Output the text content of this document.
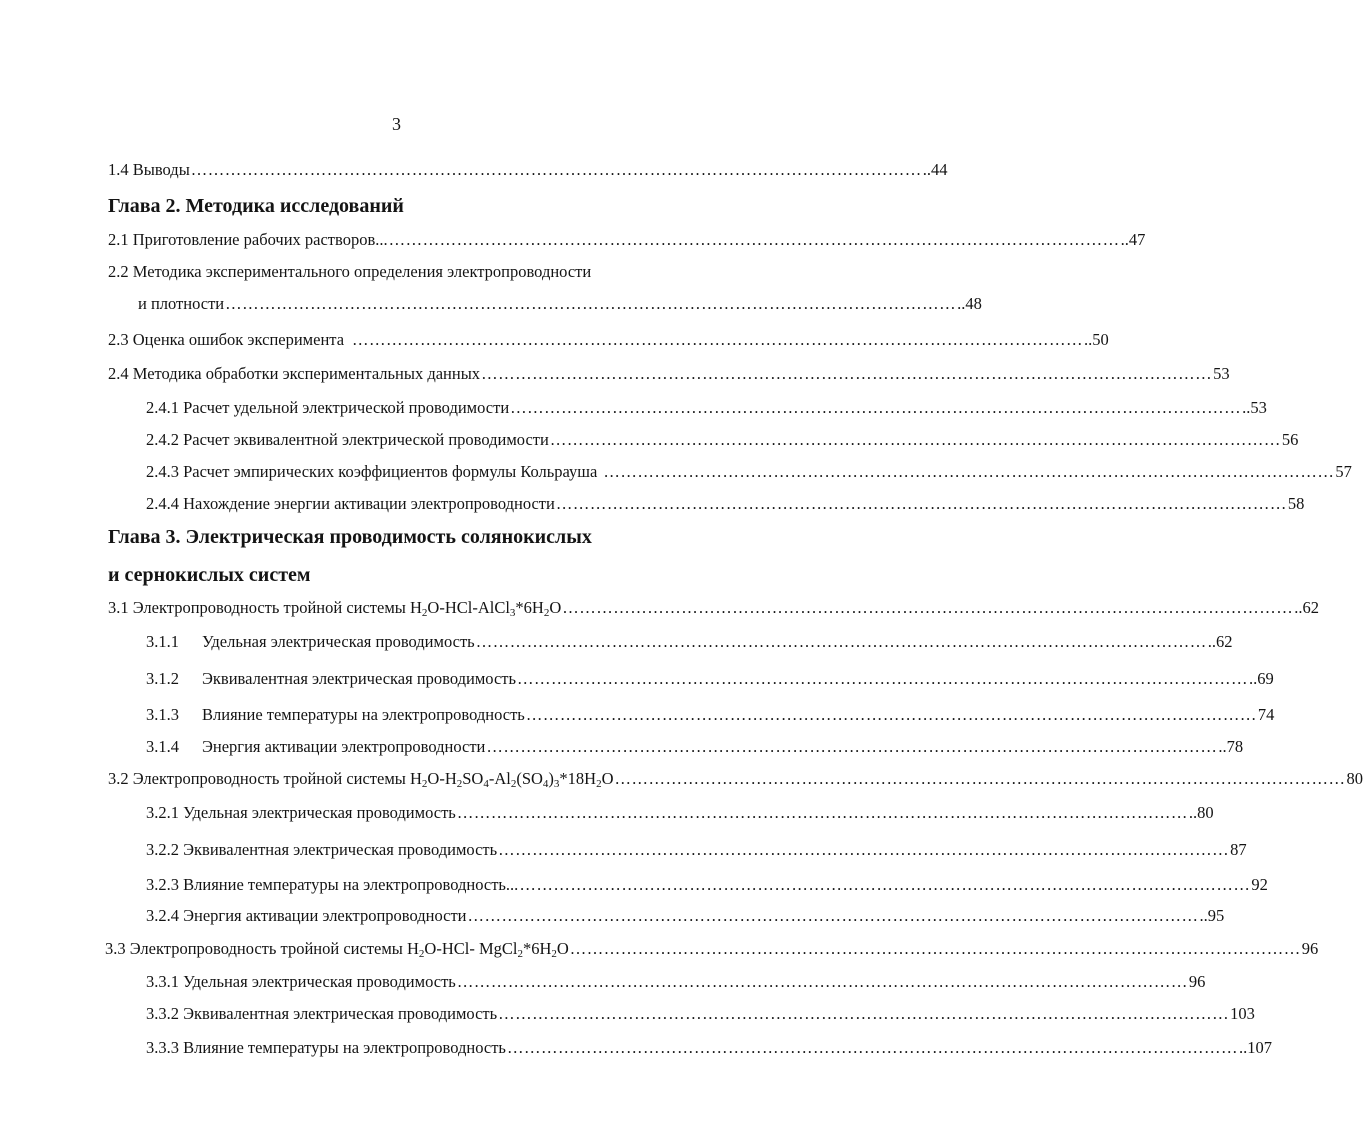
3
1.4 Выводы ………………………………………………………………………………………………………………… ..44
Глава 2. Методика исследований
2.1 Приготовление рабочих растворов... ………………………………………………………………………………………………………………… ..47
2.2 Методика экспериментального определения электропроводности
и плотности ………………………………………………………………………………………………………………… ..48
2.3 Оценка ошибок эксперимента ………………………………………………………………………………………………………………… ..50
2.4 Методика обработки экспериментальных данных ………………………………………………………………………………………………………………… 53
2.4.1 Расчет удельной электрической проводимости ………………………………………………………………………………………………………………… ..53
2.4.2 Расчет эквивалентной электрической проводимости ………………………………………………………………………………………………………………… 56
2.4.3 Расчет эмпирических коэффициентов формулы Кольрауша ………………………………………………………………………………………………………………… 57
2.4.4 Нахождение энергии активации электропроводности ………………………………………………………………………………………………………………… 58
Глава 3. Электрическая проводимость солянокислых
и сернокислых систем
3.1 Электропроводность тройной системы $H_2O-HCl-AlCl_3*6H_2O$ ………………………………………………………………………………………………………………… ..62
3.1.1	Удельная электрическая проводимость ………………………………………………………………………………………………………………… ..62
3.1.2	Эквивалентная электрическая проводимость ………………………………………………………………………………………………………………… ..69
3.1.3	Влияние температуры на электропроводность ………………………………………………………………………………………………………………… 74
3.1.4	Энергия активации электропроводности ………………………………………………………………………………………………………………… ..78
3.2 Электропроводность тройной системы $H_2O-H_2SO_4-Al_2(SO_4)_3*18H_2O$ ………………………………………………………………………………………………………………… 80
3.2.1 Удельная электрическая проводимость ………………………………………………………………………………………………………………… ..80
3.2.2 Эквивалентная электрическая проводимость ………………………………………………………………………………………………………………… 87
3.2.3 Влияние температуры на электропроводность... ………………………………………………………………………………………………………………… 92
3.2.4 Энергия активации электропроводности ………………………………………………………………………………………………………………… ..95
3.3 Электропроводность тройной системы $H_2O-HCl-$ $MgCl_2*6H_2O$ ………………………………………………………………………………………………………………… 96
3.3.1 Удельная электрическая проводимость ………………………………………………………………………………………………………………… 96
3.3.2 Эквивалентная электрическая проводимость ………………………………………………………………………………………………………………… 103
3.3.3 Влияние температуры на электропроводность ………………………………………………………………………………………………………………… ..107
